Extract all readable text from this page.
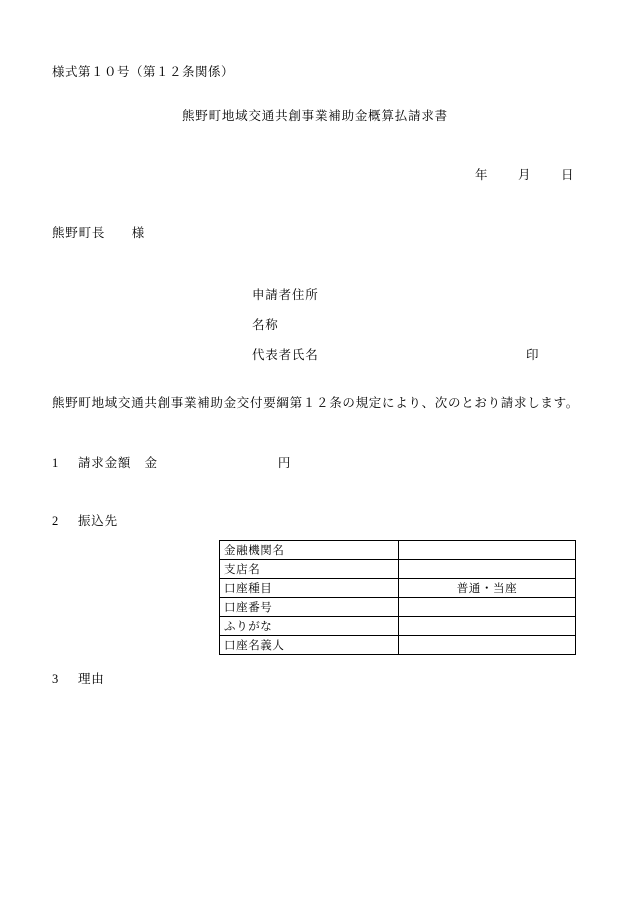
様式第１０号（第１２条関係）
熊野町地域交通共創事業補助金概算払請求書
年 月 日
熊野町長　　様
申請者住所
名称
代表者氏名	印
熊野町地域交通共創事業補助金交付要綱第１２条の規定により、次のとおり請求します。
1 請求金額　金	円
2 振込先
金融機関名	
支店名	
口座種目	普通・当座
口座番号	
ふりがな	
口座名義人	
3 理由
